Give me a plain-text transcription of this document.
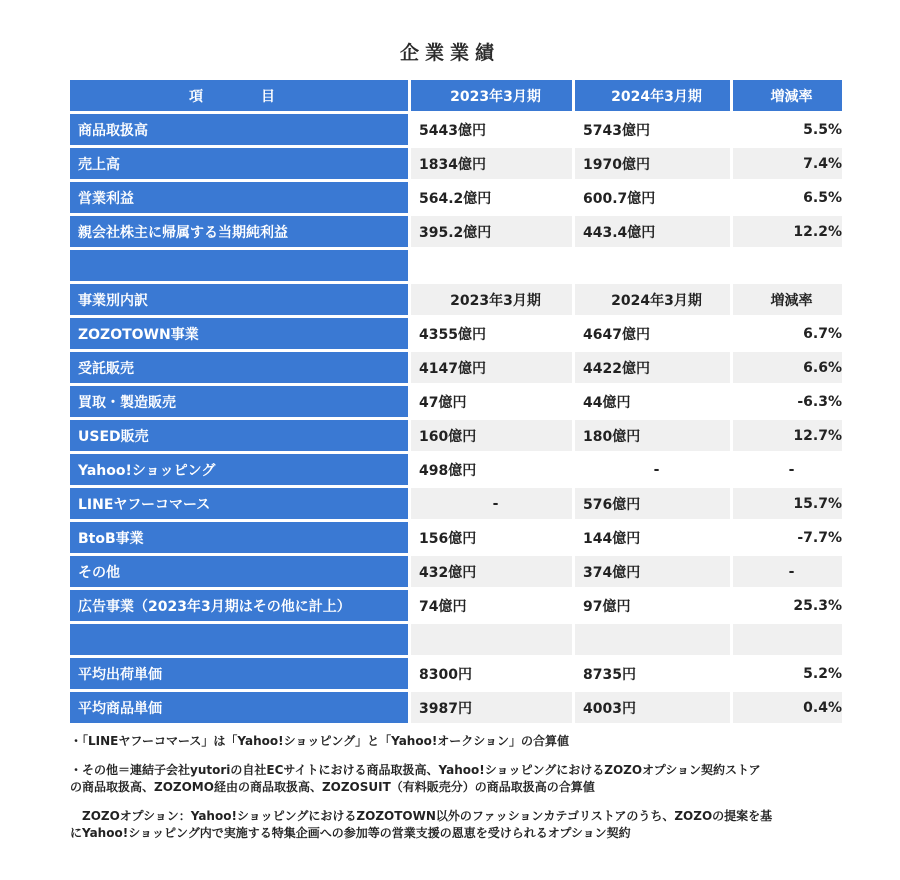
企業業績
項　目	2023年3月期	2024年3月期	増減率
商品取扱高	5443億円	5743億円	5.5%
売上高	1834億円	1970億円	7.4%
営業利益	564.2億円	600.7億円	6.5%
親会社株主に帰属する当期純利益	395.2億円	443.4億円	12.2%

事業別内訳	2023年3月期	2024年3月期	増減率
ZOZOTOWN事業	4355億円	4647億円	6.7%
受託販売	4147億円	4422億円	6.6%
買取・製造販売	47億円	44億円	-6.3%
USED販売	160億円	180億円	12.7%
Yahoo!ショッピング	498億円	-	-
LINEヤフーコマース	-	576億円	15.7%
BtoB事業	156億円	144億円	-7.7%
その他	432億円	374億円	-
広告事業（2023年3月期はその他に計上）	74億円	97億円	25.3%

平均出荷単価	8300円	8735円	5.2%
平均商品単価	3987円	4003円	0.4%

・「LINEヤフーコマース」は「Yahoo!ショッピング」と「Yahoo!オークション」の合算値

・その他＝連結子会社yutoriの自社ECサイトにおける商品取扱高、Yahoo!ショッピングにおけるZOZOオプション契約ストア

の商品取扱高、ZOZOMO経由の商品取扱高、ZOZOSUIT（有料販売分）の商品取扱高の合算値

　ZOZOオプション：Yahoo!ショッピングにおけるZOZOTOWN以外のファッションカテゴリストアのうち、ZOZOの提案を基

にYahoo!ショッピング内で実施する特集企画への参加等の営業支援の恩恵を受けられるオプション契約
